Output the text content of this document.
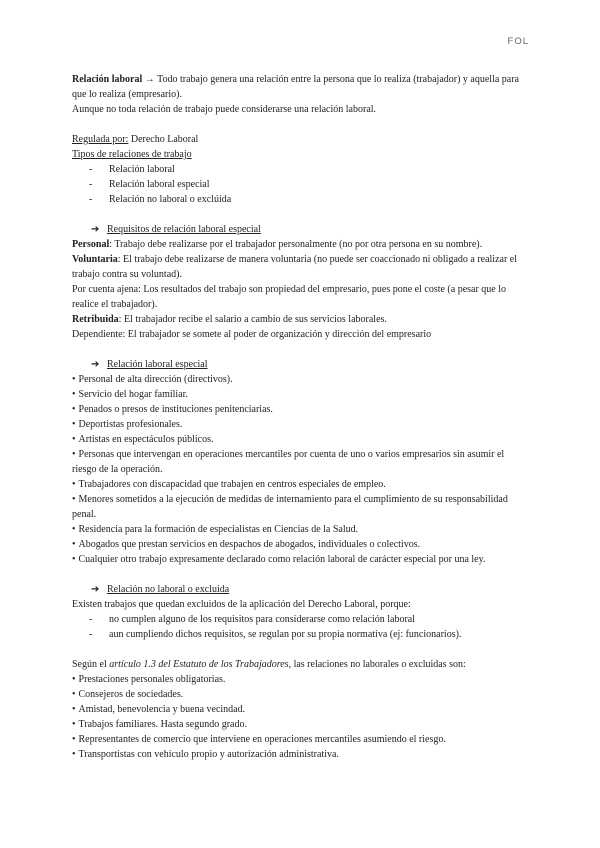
FOL

Relación laboral → Todo trabajo genera una relación entre la persona que lo realiza (trabajador) y aquella para que lo realiza (empresario).

Aunque no toda relación de trabajo puede considerarse una relación laboral.

Regulada por: Derecho Laboral

Tipos de relaciones de trabajo

- Relación laboral
- Relación laboral especial
- Relación no laboral o exclúida

➔ Requisitos de relación laboral especial

Personal: Trabajo debe realizarse por el trabajador personalmente (no por otra persona en su nombre).

Voluntaria: El trabajo debe realizarse de manera voluntaria (no puede ser coaccionado ni obligado a realizar el trabajo contra su voluntad).

Por cuenta ajena: Los resultados del trabajo son propiedad del empresario, pues pone el coste (a pesar que lo realice el trabajador).

Retribuida: El trabajador recibe el salario a cambio de sus servicios laborales.

Dependiente: El trabajador se somete al poder de organización y dirección del empresario

➔ Relación laboral especial

• Personal de alta dirección (directivos).
• Servicio del hogar familiar.
• Penados o presos de instituciones penitenciarias.
• Deportistas profesionales.
• Artistas en espectáculos públicos.
• Personas que intervengan en operaciones mercantiles por cuenta de uno o varios empresarios sin asumir el riesgo de la operación.
• Trabajadores con discapacidad que trabajen en centros especiales de empleo.
• Menores sometidos a la ejecución de medidas de internamiento para el cumplimiento de su responsabilidad penal.
• Residencia para la formación de especialistas en Ciencias de la Salud.
• Abogados que prestan servicios en despachos de abogados, individuales o colectivos.
• Cualquier otro trabajo expresamente declarado como relación laboral de carácter especial por una ley.

➔ Relación no laboral o excluida

Existen trabajos que quedan excluidos de la aplicación del Derecho Laboral, porque:

- no cumplen alguno de los requisitos para considerarse como relación laboral
- aun cumpliendo dichos requisitos, se regulan por su propia normativa (ej: funcionarios).

Según el artículo 1.3 del Estatuto de los Trabajadores, las relaciones no laborales o excluidas son:

• Prestaciones personales obligatorias.
• Consejeros de sociedades.
• Amistad, benevolencia y buena vecindad.
• Trabajos familiares. Hasta segundo grado.
• Representantes de comercio que interviene en operaciones mercantiles asumiendo el riesgo.
• Transportistas con vehículo propio y autorización administrativa.
